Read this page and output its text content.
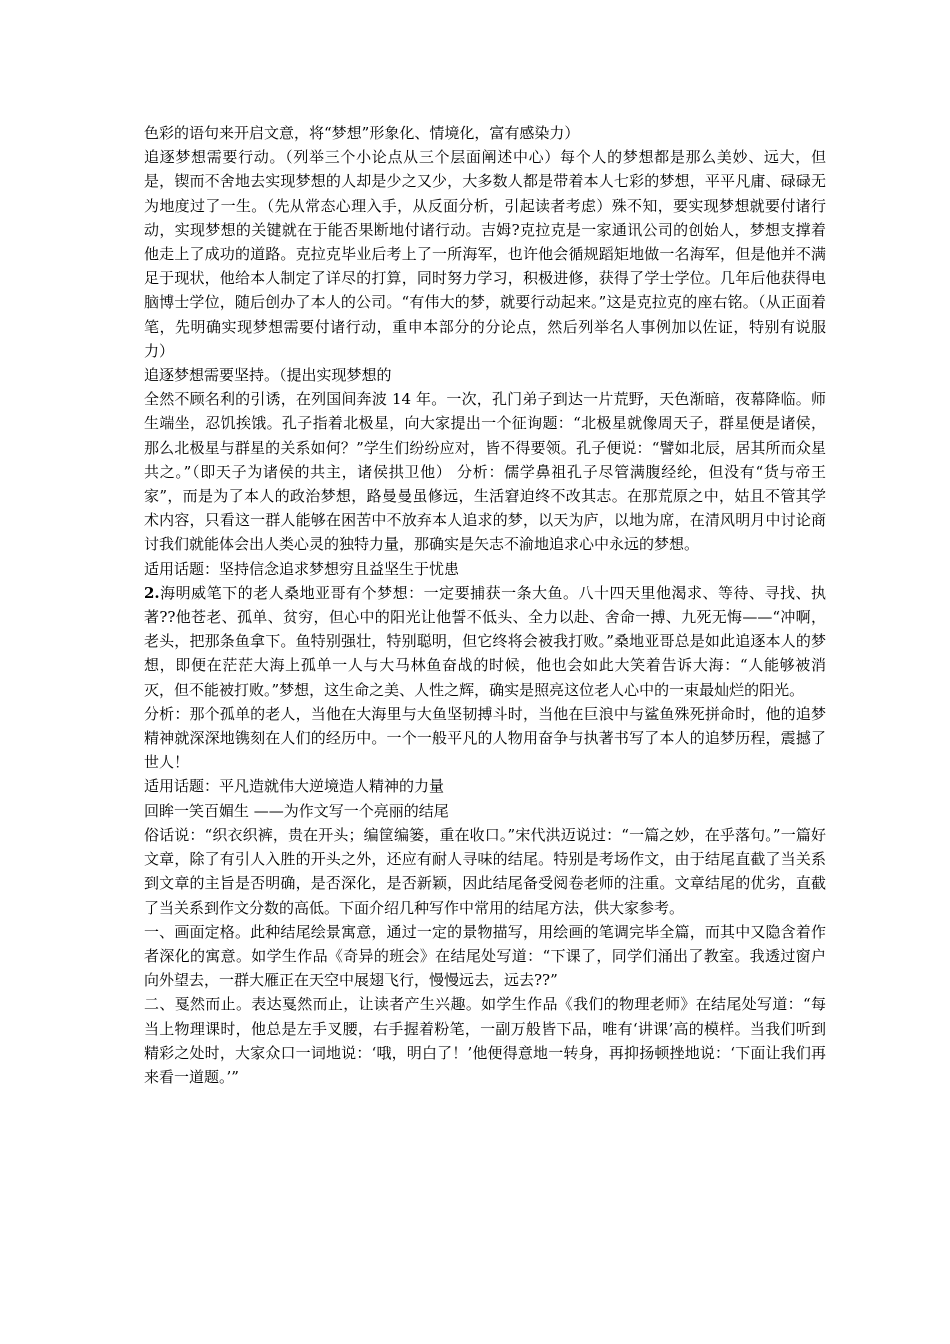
色彩的语句来开启文意，将“梦想”形象化、情境化，富有感染力）

追逐梦想需要行动。（列举三个小论点从三个层面阐述中心）每个人的梦想都是那么美妙、远大，但是，锲而不舍地去实现梦想的人却是少之又少，大多数人都是带着本人七彩的梦想，平平凡庸、碌碌无为地度过了一生。（先从常态心理入手，从反面分析，引起读者考虑）殊不知，要实现梦想就要付诸行动，实现梦想的关键就在于能否果断地付诸行动。吉姆?克拉克是一家通讯公司的创始人，梦想支撑着他走上了成功的道路。克拉克毕业后考上了一所海军，也许他会循规蹈矩地做一名海军，但是他并不满足于现状，他给本人制定了详尽的打算，同时努力学习，积极进修，获得了学士学位。几年后他获得电脑博士学位，随后创办了本人的公司。“有伟大的梦，就要行动起来。”这是克拉克的座右铭。（从正面着笔，先明确实现梦想需要付诸行动，重申本部分的分论点，然后列举名人事例加以佐证，特别有说服力）

追逐梦想需要坚持。（提出实现梦想的

全然不顾名利的引诱，在列国间奔波 14 年。一次，孔门弟子到达一片荒野，天色渐暗，夜幕降临。师生端坐，忍饥挨饿。孔子指着北极星，向大家提出一个征询题：“北极星就像周天子，群星便是诸侯，那么北极星与群星的关系如何？”学生们纷纷应对，皆不得要领。孔子便说：“譬如北辰，居其所而众星共之。”（即天子为诸侯的共主，诸侯拱卫他） 分析：儒学鼻祖孔子尽管满腹经纶，但没有“货与帝王家”，而是为了本人的政治梦想，路曼曼虽修远，生活窘迫终不改其志。在那荒原之中，姑且不管其学术内容，只看这一群人能够在困苦中不放弃本人追求的梦，以天为庐，以地为席，在清风明月中讨论商讨我们就能体会出人类心灵的独特力量，那确实是矢志不渝地追求心中永远的梦想。

适用话题：坚持信念追求梦想穷且益坚生于忧患

2.海明威笔下的老人桑地亚哥有个梦想：一定要捕获一条大鱼。八十四天里他渴求、等待、寻找、执著??他苍老、孤单、贫穷，但心中的阳光让他誓不低头、全力以赴、舍命一搏、九死无悔——“冲啊，老头，把那条鱼拿下。鱼特别强壮，特别聪明，但它终将会被我打败。”桑地亚哥总是如此追逐本人的梦想，即便在茫茫大海上孤单一人与大马林鱼奋战的时候，他也会如此大笑着告诉大海：“人能够被消灭，但不能被打败。”梦想，这生命之美、人性之辉，确实是照亮这位老人心中的一束最灿烂的阳光。

分析：那个孤单的老人，当他在大海里与大鱼坚韧搏斗时，当他在巨浪中与鲨鱼殊死拼命时，他的追梦精神就深深地镌刻在人们的经历中。一个一般平凡的人物用奋争与执著书写了本人的追梦历程，震撼了世人！

适用话题：平凡造就伟大逆境造人精神的力量

回眸一笑百媚生 ——为作文写一个亮丽的结尾

俗话说：“织衣织裤，贵在开头；编筐编篓，重在收口。”宋代洪迈说过：“一篇之妙，在乎落句。”一篇好文章，除了有引人入胜的开头之外，还应有耐人寻味的结尾。特别是考场作文，由于结尾直截了当关系到文章的主旨是否明确，是否深化，是否新颖，因此结尾备受阅卷老师的注重。文章结尾的优劣，直截了当关系到作文分数的高低。下面介绍几种写作中常用的结尾方法，供大家参考。

一、画面定格。此种结尾绘景寓意，通过一定的景物描写，用绘画的笔调完毕全篇，而其中又隐含着作者深化的寓意。如学生作品《奇异的班会》在结尾处写道：“下课了，同学们涌出了教室。我透过窗户向外望去，一群大雁正在天空中展翅飞行，慢慢远去，远去??”

二、戛然而止。表达戛然而止，让读者产生兴趣。如学生作品《我们的物理老师》在结尾处写道：“每当上物理课时，他总是左手叉腰，右手握着粉笔，一副万般皆下品，唯有‘讲课’高的模样。当我们听到精彩之处时，大家众口一词地说：‘哦，明白了！’他便得意地一转身，再抑扬顿挫地说：‘下面让我们再来看一道题。’”
